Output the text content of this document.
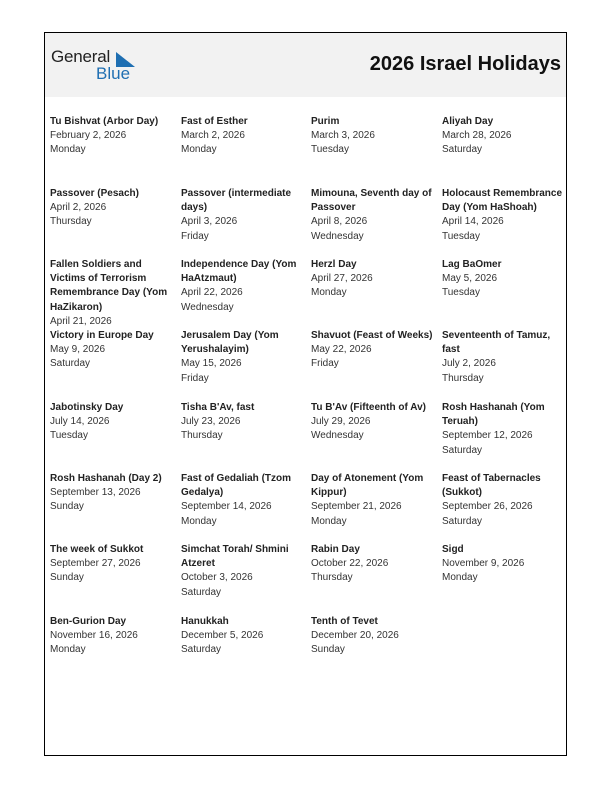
General
Blue	2026 Israel Holidays
Tu Bishvat (Arbor Day)
February 2, 2026
Monday
Fast of Esther
March 2, 2026
Monday
Purim
March 3, 2026
Tuesday
Aliyah Day
March 28, 2026
Saturday
Passover (Pesach)
April 2, 2026
Thursday
Passover (intermediate days)
April 3, 2026
Friday
Mimouna, Seventh day of Passover
April 8, 2026
Wednesday
Holocaust Remembrance Day (Yom HaShoah)
April 14, 2026
Tuesday
Fallen Soldiers and Victims of Terrorism Remembrance Day (Yom HaZikaron)
April 21, 2026
Independence Day (Yom HaAtzmaut)
April 22, 2026
Wednesday
Herzl Day
April 27, 2026
Monday
Lag BaOmer
May 5, 2026
Tuesday
Victory in Europe Day
May 9, 2026
Saturday
Jerusalem Day (Yom Yerushalayim)
May 15, 2026
Friday
Shavuot (Feast of Weeks)
May 22, 2026
Friday
Seventeenth of Tamuz, fast
July 2, 2026
Thursday
Jabotinsky Day
July 14, 2026
Tuesday
Tisha B'Av, fast
July 23, 2026
Thursday
Tu B'Av (Fifteenth of Av)
July 29, 2026
Wednesday
Rosh Hashanah (Yom Teruah)
September 12, 2026
Saturday
Rosh Hashanah (Day 2)
September 13, 2026
Sunday
Fast of Gedaliah (Tzom Gedalya)
September 14, 2026
Monday
Day of Atonement (Yom Kippur)
September 21, 2026
Monday
Feast of Tabernacles (Sukkot)
September 26, 2026
Saturday
The week of Sukkot
September 27, 2026
Sunday
Simchat Torah/ Shmini Atzeret
October 3, 2026
Saturday
Rabin Day
October 22, 2026
Thursday
Sigd
November 9, 2026
Monday
Ben-Gurion Day
November 16, 2026
Monday
Hanukkah
December 5, 2026
Saturday
Tenth of Tevet
December 20, 2026
Sunday
